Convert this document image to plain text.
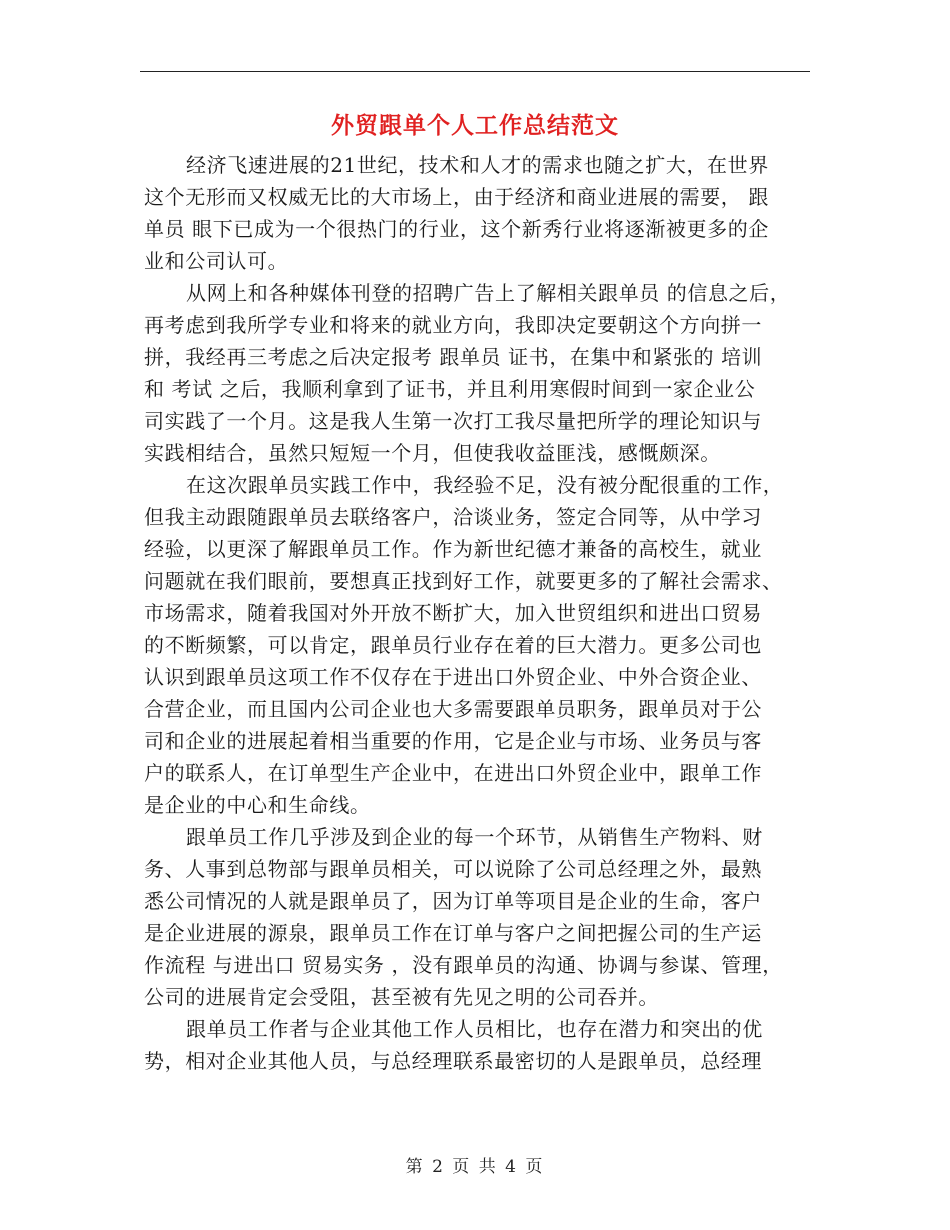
外贸跟单个人工作总结范文
经济飞速进展的21世纪，技术和人才的需求也随之扩大，在世界
这个无形而又权威无比的大市场上，由于经济和商业进展的需要， 跟
单员 眼下已成为一个很热门的行业，这个新秀行业将逐渐被更多的企
业和公司认可。
从网上和各种媒体刊登的招聘广告上了解相关跟单员 的信息之后，
再考虑到我所学专业和将来的就业方向，我即决定要朝这个方向拼一
拼，我经再三考虑之后决定报考 跟单员 证书，在集中和紧张的 培训
和 考试 之后，我顺利拿到了证书，并且利用寒假时间到一家企业公
司实践了一个月。这是我人生第一次打工我尽量把所学的理论知识与
实践相结合，虽然只短短一个月，但使我收益匪浅，感慨颇深。
在这次跟单员实践工作中，我经验不足，没有被分配很重的工作，
但我主动跟随跟单员去联络客户，洽谈业务，签定合同等，从中学习
经验，以更深了解跟单员工作。作为新世纪德才兼备的高校生，就业
问题就在我们眼前，要想真正找到好工作，就要更多的了解社会需求、
市场需求，随着我国对外开放不断扩大，加入世贸组织和进出口贸易
的不断频繁，可以肯定，跟单员行业存在着的巨大潜力。更多公司也
认识到跟单员这项工作不仅存在于进出口外贸企业、中外合资企业、
合营企业，而且国内公司企业也大多需要跟单员职务，跟单员对于公
司和企业的进展起着相当重要的作用，它是企业与市场、业务员与客
户的联系人，在订单型生产企业中，在进出口外贸企业中，跟单工作
是企业的中心和生命线。
跟单员工作几乎涉及到企业的每一个环节，从销售生产物料、财
务、人事到总物部与跟单员相关，可以说除了公司总经理之外，最熟
悉公司情况的人就是跟单员了，因为订单等项目是企业的生命，客户
是企业进展的源泉，跟单员工作在订单与客户之间把握公司的生产运
作流程 与进出口 贸易实务 ，没有跟单员的沟通、协调与参谋、管理，
公司的进展肯定会受阻，甚至被有先见之明的公司吞并。
跟单员工作者与企业其他工作人员相比，也存在潜力和突出的优
势，相对企业其他人员，与总经理联系最密切的人是跟单员，总经理
第 2 页 共 4 页
